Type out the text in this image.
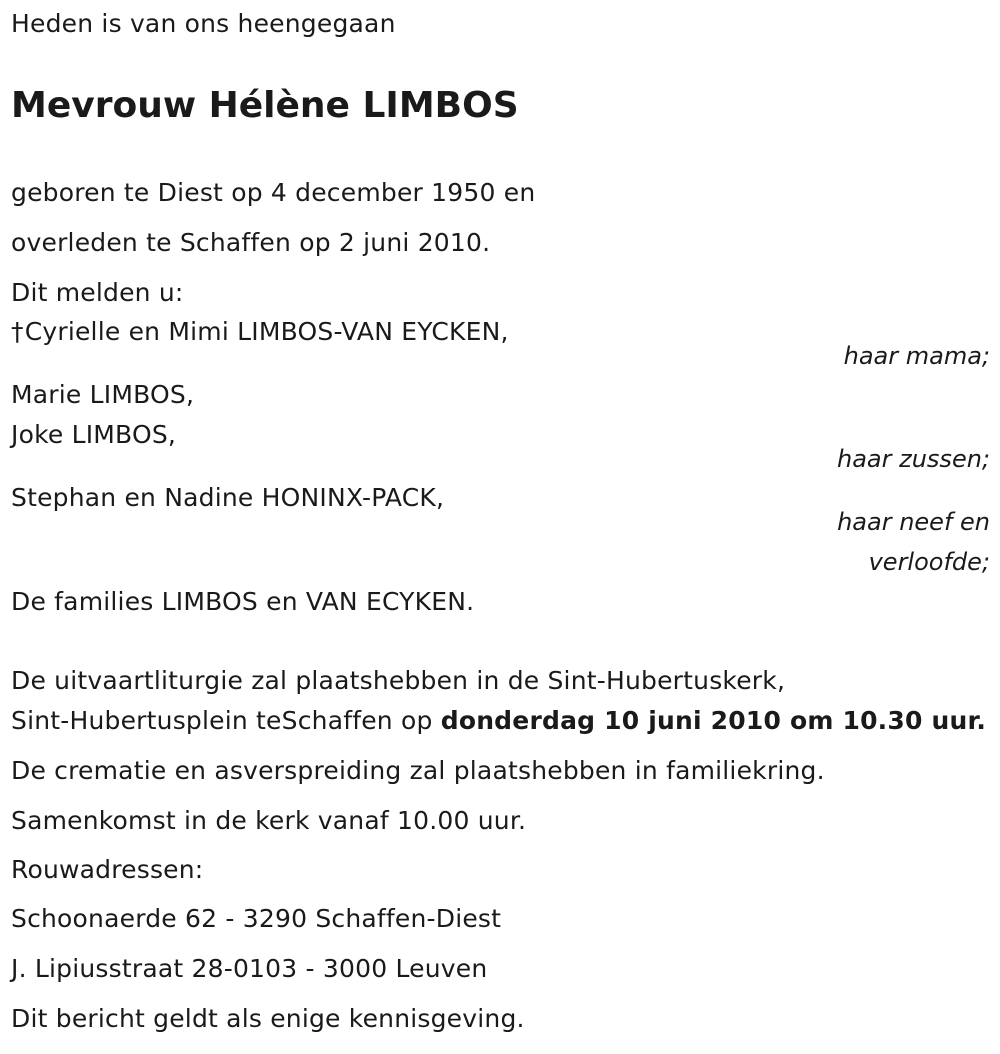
Heden is van ons heengegaan
Mevrouw Hélène LIMBOS
geboren te Diest op 4 december 1950 en
overleden te Schaffen op 2 juni 2010.
Dit melden u:
†Cyrielle en Mimi LIMBOS-VAN EYCKEN,
haar mama;
Marie LIMBOS,
Joke LIMBOS,
haar zussen;
Stephan en Nadine HONINX-PACK,
haar neef en
verloofde;
De families LIMBOS en VAN ECYKEN.
De uitvaartliturgie zal plaatshebben in de Sint-Hubertuskerk,
Sint-Hubertusplein teSchaffen op donderdag 10 juni 2010 om 10.30 uur.
De crematie en asverspreiding zal plaatshebben in familiekring.
Samenkomst in de kerk vanaf 10.00 uur.
Rouwadressen:
Schoonaerde 62 - 3290 Schaffen-Diest
J. Lipiusstraat 28-0103 - 3000 Leuven
Dit bericht geldt als enige kennisgeving.
